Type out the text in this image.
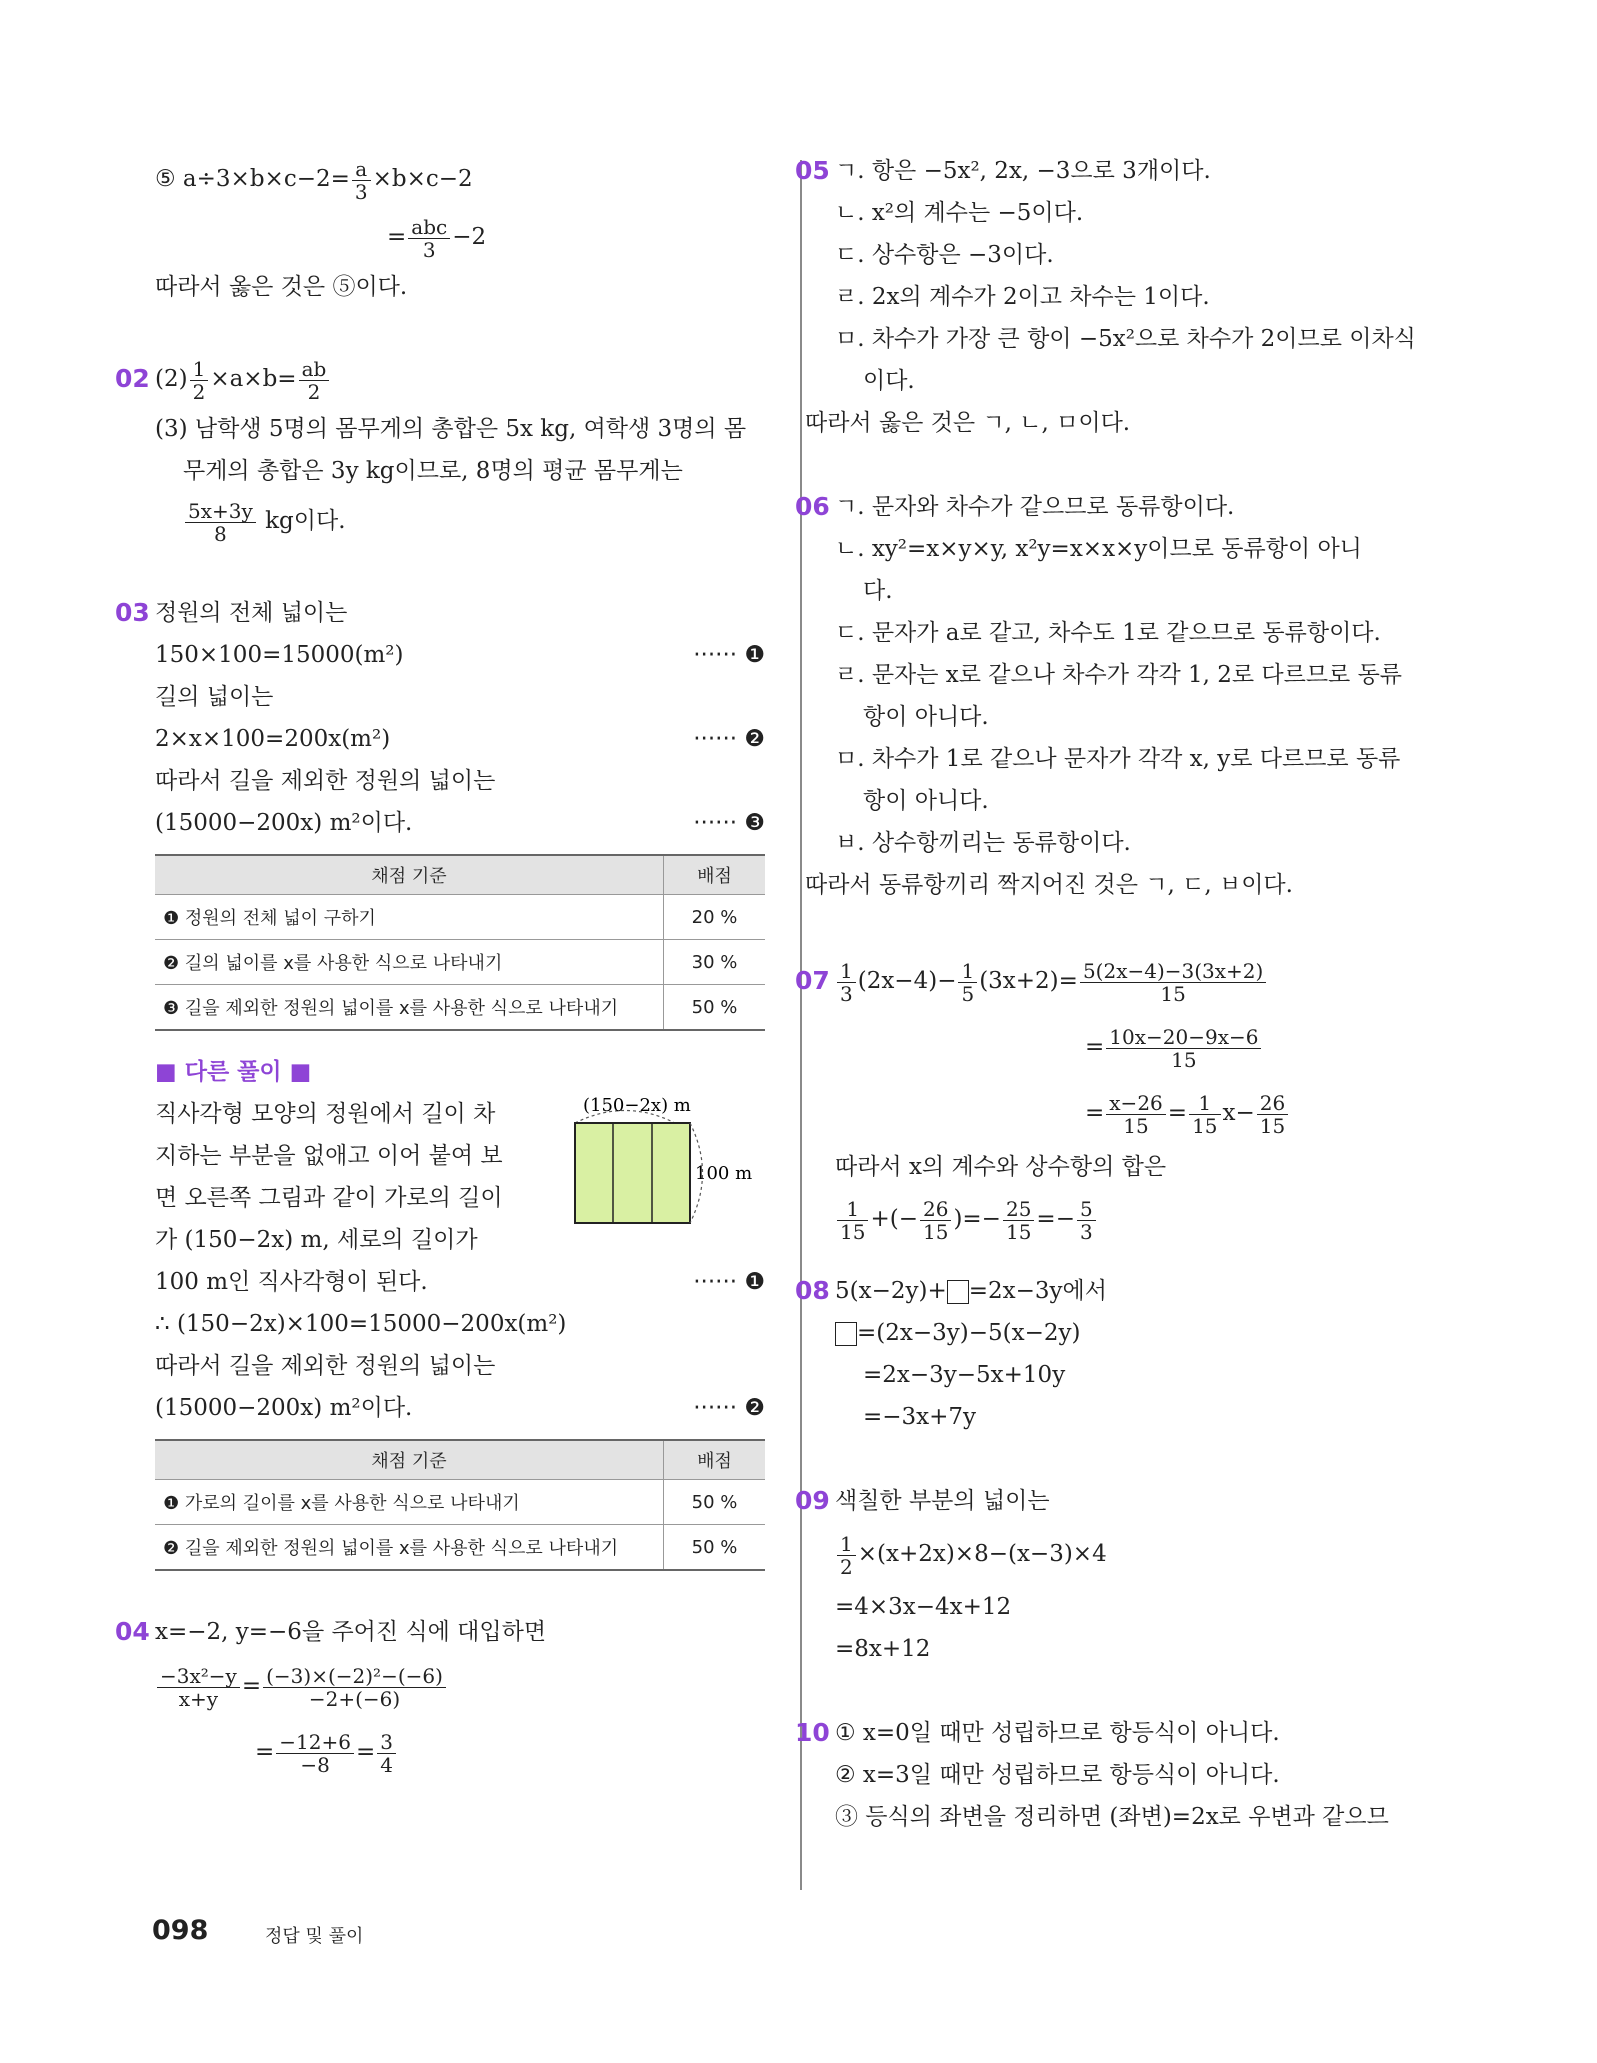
⑤ $a\div 3\times b\times c-2= \frac{a}{3} \times b\times c-2$
= $\frac{\text{abc}}{3} -2$
따라서 옳은 것은 ⑤이다.
02 $(2) \frac{1}{2} \times a\times b= \frac{ab}{2}$
(3) 남학생 5명의 몸무게의 총합은 5x kg, 여학생 3명의 몸
무게의 총합은 3y kg이므로, 8명의 평균 몸무게는
$\frac{5x+3y}{8}$ kg이다.
03 정원의 전체 넓이는
150×100=15000(m²)	······ ❶
길의 넓이는
2×x×100=200x(m²)	······ ❷
따라서 길을 제외한 정원의 넓이는
(15000−200x) m²이다.	······ ❸
채점 기준	배점
❶ 정원의 전체 넓이 구하기	20 %
❷ 길의 넓이를 x를 사용한 식으로 나타내기	30 %
❸ 길을 제외한 정원의 넓이를 x를 사용한 식으로 나타내기	50 %
■ 다른 풀이 ■
(150−2x) m
100 m
직사각형 모양의 정원에서 길이 차
지하는 부분을 없애고 이어 붙여 보
면 오른쪽 그림과 같이 가로의 길이
가 (150−2x) m, 세로의 길이가
100 m인 직사각형이 된다.	······ ❶
∴ (150−2x)×100=15000−200x(m²)
따라서 길을 제외한 정원의 넓이는
(15000−200x) m²이다.	······ ❷
채점 기준	배점
❶ 가로의 길이를 x를 사용한 식으로 나타내기	50 %
❷ 길을 제외한 정원의 넓이를 x를 사용한 식으로 나타내기	50 %
04 x=−2, y=−6을 주어진 식에 대입하면
$\frac{\text{−3x²−y}}{x+y} = \frac{\text{(−3)×(−2)²−(−6)}}{-2+(-6)}$
= $\frac{-12+6}{-8} = \frac{3}{4}$
05 ㄱ. 항은 −5x², 2x, −3으로 3개이다.
ㄴ. x²의 계수는 −5이다.
ㄷ. 상수항은 −3이다.
ㄹ. 2x의 계수가 2이고 차수는 1이다.
ㅁ. 차수가 가장 큰 항이 −5x²으로 차수가 2이므로 이차식
이다.
따라서 옳은 것은 ㄱ, ㄴ, ㅁ이다.
06 ㄱ. 문자와 차수가 같으므로 동류항이다.
ㄴ. xy²=x×y×y, x²y=x×x×y이므로 동류항이 아니
다.
ㄷ. 문자가 a로 같고, 차수도 1로 같으므로 동류항이다.
ㄹ. 문자는 x로 같으나 차수가 각각 1, 2로 다르므로 동류
항이 아니다.
ㅁ. 차수가 1로 같으나 문자가 각각 x, y로 다르므로 동류
항이 아니다.
ㅂ. 상수항끼리는 동류항이다.
따라서 동류항끼리 짝지어진 것은 ㄱ, ㄷ, ㅂ이다.
$07 \frac{1}{3} (2x-4)- \frac{1}{5} (3x+2)= \frac{5(2x-4)-3(3x+2)}{15}$
= $\frac{10x-20-9x-6}{15}$
= $\frac{x-26}{15} = \frac{1}{15} x- \frac{26}{15}$
따라서 x의 계수와 상수항의 합은
$\frac{1}{15}$ +(− $\frac{26}{15}$ )=− $\frac{25}{15} =- \frac{5}{3}$
08 5(x−2y)+ =2x−3y에서
=(2x−3y)−5(x−2y)
=2x−3y−5x+10y
=−3x+7y
09 색칠한 부분의 넓이는
$\frac{1}{2} \times(x+2x)\times 8-(x-3)\times 4$
=4×3x−4x+12
=8x+12
10 ① x=0일 때만 성립하므로 항등식이 아니다.
② x=3일 때만 성립하므로 항등식이 아니다.
③ 등식의 좌변을 정리하면 (좌변)=2x로 우변과 같으므
098	정답 및 풀이
